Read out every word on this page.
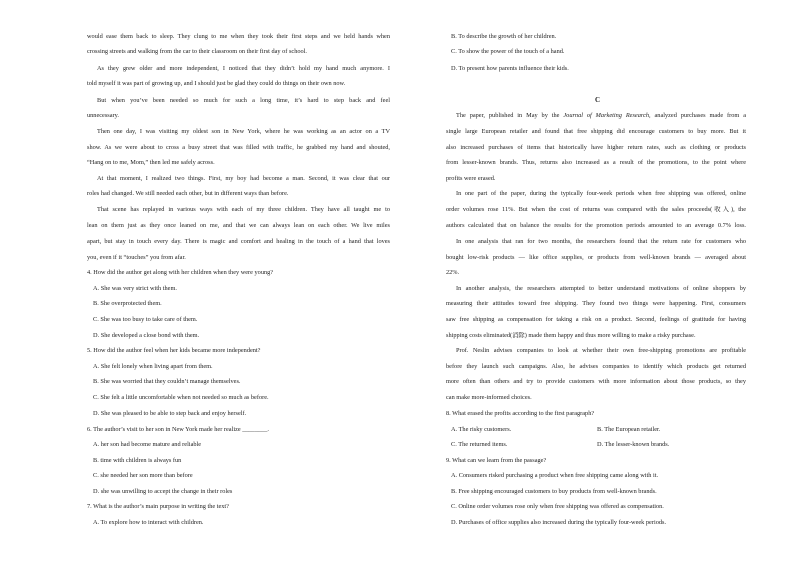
would ease them back to sleep. They clung to me when they took their first steps and we held hands when
crossing streets and walking from the car to their classroom on their first day of school.
As they grew older and more independent, I noticed that they didn’t hold my hand much anymore. I
told myself it was part of growing up, and I should just be glad they could do things on their own now.
But when you’ve been needed so much for such a long time, it’s hard to step back and feel
unnecessary.
Then one day, I was visiting my oldest son in New York, where he was working as an actor on a TV
show. As we were about to cross a busy street that was filled with traffic, he grabbed my hand and shouted,
“Hang on to me, Mom,” then led me safely across.
At that moment, I realized two things. First, my boy had become a man. Second, it was clear that our
roles had changed. We still needed each other, but in different ways than before.
That scene has replayed in various ways with each of my three children. They have all taught me to
lean on them just as they once leaned on me, and that we can always lean on each other. We live miles
apart, but stay in touch every day. There is magic and comfort and healing in the touch of a hand that loves
you, even if it “touches” you from afar.
4. How did the author get along with her children when they were young?
A. She was very strict with them.
B. She overprotected them.
C. She was too busy to take care of them.
D. She developed a close bond with them.
5. How did the author feel when her kids became more independent?
A. She felt lonely when living apart from them.
B. She was worried that they couldn’t manage themselves.
C. She felt a little uncomfortable when not needed so much as before.
D. She was pleased to be able to step back and enjoy herself.
6. The author’s visit to her son in New York made her realize ________.
A. her son had become mature and reliable
B. time with children is always fun
C. she needed her son more than before
D. she was unwilling to accept the change in their roles
7. What is the author’s main purpose in writing the text?
A. To explore how to interact with children.
B. To describe the growth of her children.
C. To show the power of the touch of a hand.
D. To present how parents influence their kids.
C
The paper, published in May by the Journal of Marketing Research, analyzed purchases made from a
single large European retailer and found that free shipping did encourage customers to buy more. But it
also increased purchases of items that historically have higher return rates, such as clothing or products
from lesser-known brands. Thus, returns also increased as a result of the promotions, to the point where
profits were erased.
In one part of the paper, during the typically four-week periods when free shipping was offered, online
order volumes rose 11%. But when the cost of returns was compared with the sales proceeds(收入), the
authors calculated that on balance the results for the promotion periods amounted to an average 0.7% loss.
In one analysis that ran for two months, the researchers found that the return rate for customers who
bought low-risk products — like office supplies, or products from well-known brands — averaged about
22%.
In another analysis, the researchers attempted to better understand motivations of online shoppers by
measuring their attitudes toward free shipping. They found two things were happening. First, consumers
saw free shipping as compensation for taking a risk on a product. Second, feelings of gratitude for having
shipping costs eliminated(消除) made them happy and thus more willing to make a risky purchase.
Prof. Neslin advises companies to look at whether their own free-shipping promotions are profitable
before they launch such campaigns. Also, he advises companies to identify which products get returned
more often than others and try to provide customers with more information about those products, so they
can make more-informed choices.
8. What erased the profits according to the first paragraph?
A. The risky customers.	B. The European retailer.
C. The returned items.	D. The lesser-known brands.
9. What can we learn from the passage?
A. Consumers risked purchasing a product when free shipping came along with it.
B. Free shipping encouraged customers to buy products from well-known brands.
C. Online order volumes rose only when free shipping was offered as compensation.
D. Purchases of office supplies also increased during the typically four-week periods.
